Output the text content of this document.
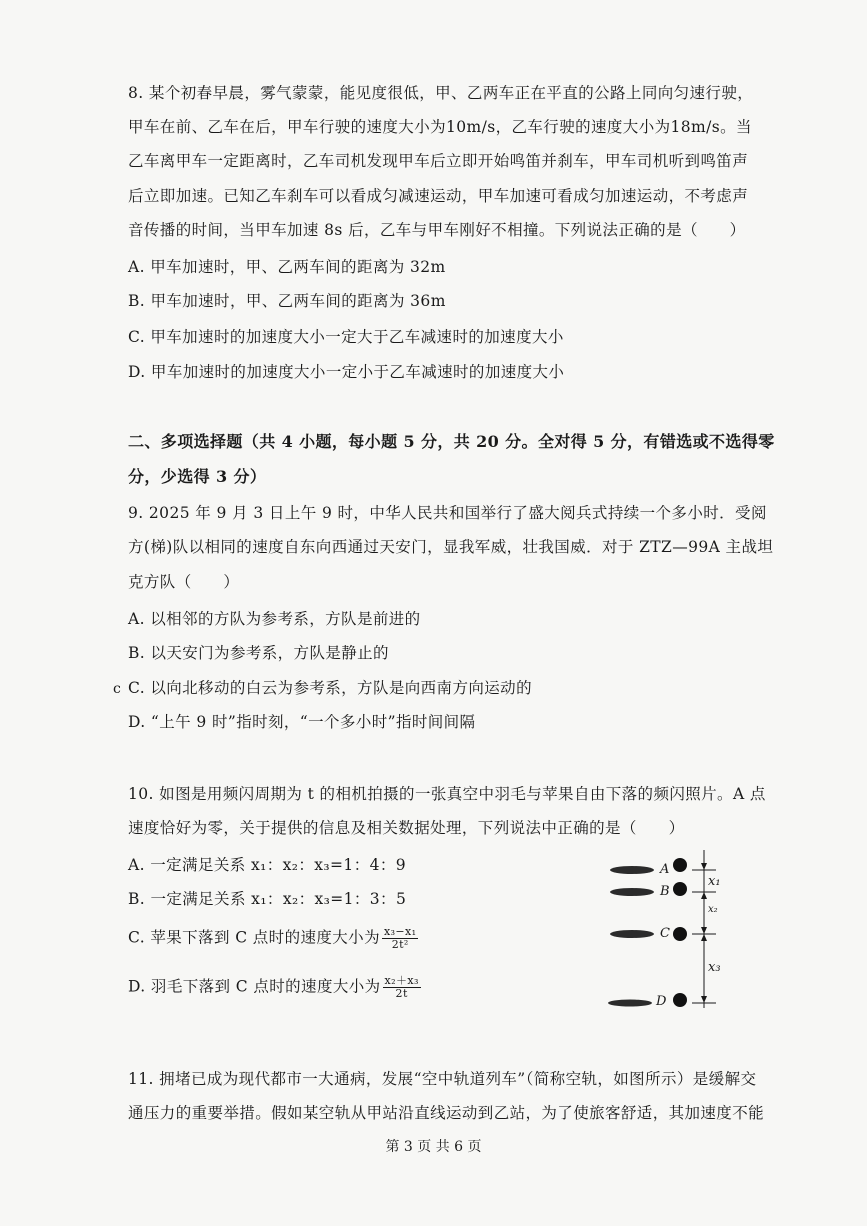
8. 某个初春早晨，雾气蒙蒙，能见度很低，甲、乙两车正在平直的公路上同向匀速行驶，
甲车在前、乙车在后，甲车行驶的速度大小为10m/s，乙车行驶的速度大小为18m/s。当
乙车离甲车一定距离时，乙车司机发现甲车后立即开始鸣笛并刹车，甲车司机听到鸣笛声
后立即加速。已知乙车刹车可以看成匀减速运动，甲车加速可看成匀加速运动，不考虑声
音传播的时间，当甲车加速 8s 后，乙车与甲车刚好不相撞。下列说法正确的是（　　）
A. 甲车加速时，甲、乙两车间的距离为 32m
B. 甲车加速时，甲、乙两车间的距离为 36m
C. 甲车加速时的加速度大小一定大于乙车减速时的加速度大小
D. 甲车加速时的加速度大小一定小于乙车减速时的加速度大小
二、多项选择题（共 4 小题，每小题 5 分，共 20 分。全对得 5 分，有错选或不选得零
分，少选得 3 分）
9. 2025 年 9 月 3 日上午 9 时，中华人民共和国举行了盛大阅兵式持续一个多小时．受阅
方(梯)队以相同的速度自东向西通过天安门，显我军威，壮我国威．对于 ZTZ—99A 主战坦
克方队（　　）
A. 以相邻的方队为参考系，方队是前进的
B. 以天安门为参考系，方队是静止的
c C. 以向北移动的白云为参考系，方队是向西南方向运动的
D. “上午 9 时”指时刻，“一个多小时”指时间间隔
10. 如图是用频闪周期为 t 的相机拍摄的一张真空中羽毛与苹果自由下落的频闪照片。A 点
速度恰好为零，关于提供的信息及相关数据处理，下列说法中正确的是（　　）
A. 一定满足关系 x₁：x₂：x₃=1：4：9
B. 一定满足关系 x₁：x₂：x₃=1：3：5
C. 苹果下落到 C 点时的速度大小为 $\frac{\text{x₃−x₁}}{\text{2t²}}$
D. 羽毛下落到 C 点时的速度大小为 $\frac{\text{x₂＋x₃}}{2t}$
A
B
C
D
x₁
x₂
x₃
11. 拥堵已成为现代都市一大通病，发展“空中轨道列车”（简称空轨，如图所示）是缓解交
通压力的重要举措。假如某空轨从甲站沿直线运动到乙站，为了使旅客舒适，其加速度不能
第 3 页 共 6 页
